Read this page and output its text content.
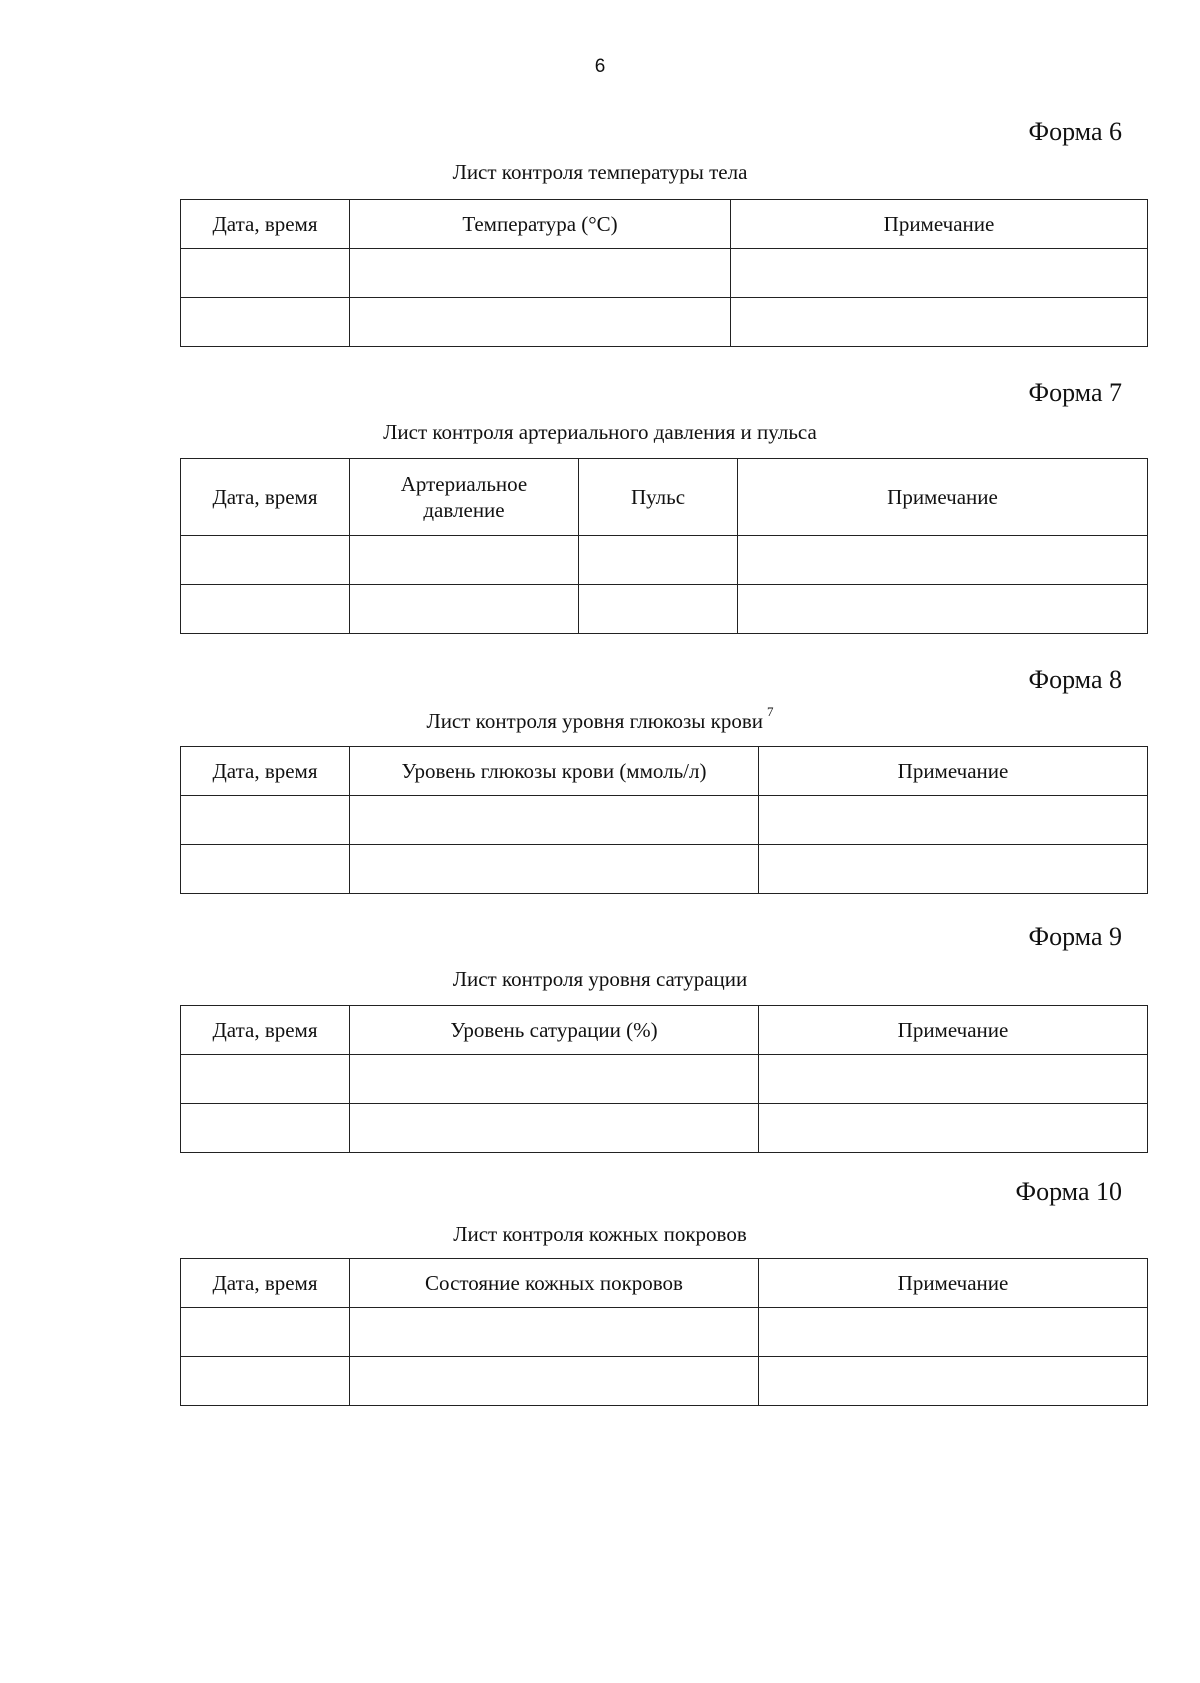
6
Форма 6
Лист контроля температуры тела
Дата, время	Температура (°С)	Примечание

Форма 7
Лист контроля артериального давления и пульса
Дата, время	Артериальное давление	Пульс	Примечание

Форма 8
Лист контроля уровня глюкозы крови $^7$
Дата, время	Уровень глюкозы крови (ммоль/л)	Примечание

Форма 9
Лист контроля уровня сатурации
Дата, время	Уровень сатурации (%)	Примечание

Форма 10
Лист контроля кожных покровов
Дата, время	Состояние кожных покровов	Примечание
